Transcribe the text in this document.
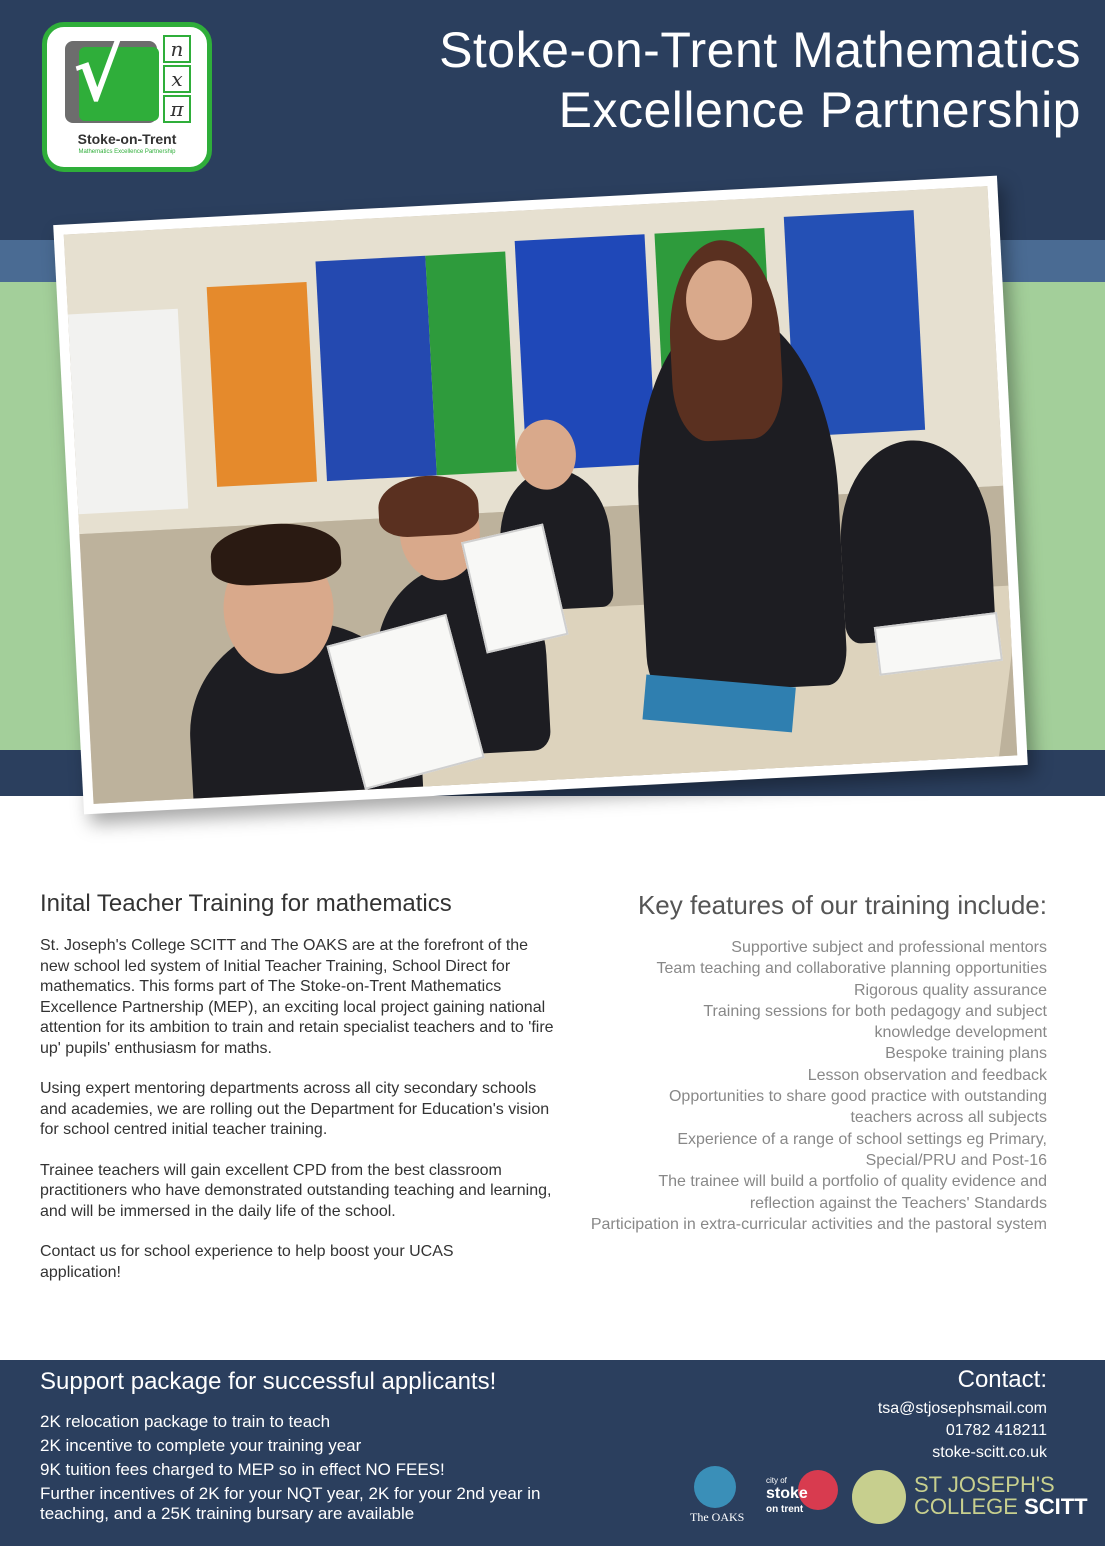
√	n
x
π
Stoke-on-Trent
Mathematics Excellence Partnership
Stoke-on-Trent Mathematics
Excellence Partnership
Inital Teacher Training for mathematics

St. Joseph's College SCITT and The OAKS are at the forefront of the new school led system of Initial Teacher Training, School Direct for mathematics. This forms part of The Stoke-on-Trent Mathematics Excellence Partnership (MEP), an exciting local project gaining national attention for its ambition to train and retain specialist teachers and to 'fire up' pupils' enthusiasm for maths.

Using expert mentoring departments across all city secondary schools and academies, we are rolling out the Department for Education's vision for school centred initial teacher training.

Trainee teachers will gain excellent CPD from the best classroom practitioners who have demonstrated outstanding teaching and learning, and will be immersed in the daily life of the school.

Contact us for school experience to help boost your UCAS application!

Key features of our training include:
Supportive subject and professional mentors
Team teaching and collaborative planning opportunities
Rigorous quality assurance
Training sessions for both pedagogy and subject knowledge development
Bespoke training plans
Lesson observation and feedback
Opportunities to share good practice with outstanding teachers across all subjects
Experience of a range of school settings eg Primary, Special/PRU and Post-16
The trainee will build a portfolio of quality evidence and reflection against the Teachers' Standards
Participation in extra-curricular activities and the pastoral system
Support package for successful applicants!
2K relocation package to train to teach
2K incentive to complete your training year
9K tuition fees charged to MEP so in effect NO FEES!
Further incentives of 2K for your NQT year, 2K for your 2nd year in teaching, and a 25K training bursary are available
Contact:
tsa@stjosephsmail.com
01782 418211
stoke-scitt.co.uk
The OAKS
city of
stoke
on trent
ST JOSEPH'S
COLLEGE SCITT
